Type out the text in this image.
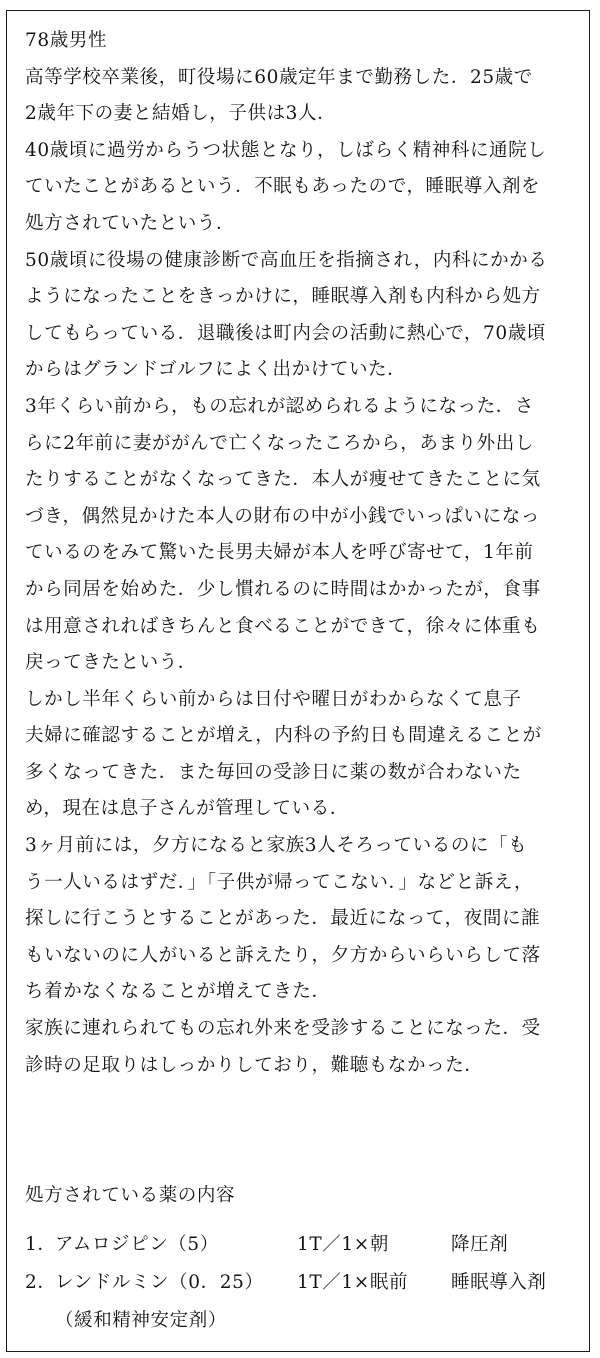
78歳男性
高等学校卒業後，町役場に60歳定年まで勤務した．25歳で
2歳年下の妻と結婚し，子供は3人．
40歳頃に過労からうつ状態となり，しばらく精神科に通院し
ていたことがあるという．不眠もあったので，睡眠導入剤を
処方されていたという．
50歳頃に役場の健康診断で高血圧を指摘され，内科にかかる
ようになったことをきっかけに，睡眠導入剤も内科から処方
してもらっている．退職後は町内会の活動に熱心で，70歳頃
からはグランドゴルフによく出かけていた．
3年くらい前から，もの忘れが認められるようになった．さ
らに2年前に妻ががんで亡くなったころから，あまり外出し
たりすることがなくなってきた．本人が痩せてきたことに気
づき，偶然見かけた本人の財布の中が小銭でいっぱいになっ
ているのをみて驚いた長男夫婦が本人を呼び寄せて，1年前
から同居を始めた．少し慣れるのに時間はかかったが，食事
は用意されればきちんと食べることができて，徐々に体重も
戻ってきたという．
しかし半年くらい前からは日付や曜日がわからなくて息子
夫婦に確認することが増え，内科の予約日も間違えることが
多くなってきた．また毎回の受診日に薬の数が合わないた
め，現在は息子さんが管理している．
3ヶ月前には，夕方になると家族3人そろっているのに「も
う一人いるはずだ．」「子供が帰ってこない．」などと訴え，
探しに行こうとすることがあった．最近になって，夜間に誰
もいないのに人がいると訴えたり，夕方からいらいらして落
ち着かなくなることが増えてきた．
家族に連れられてもの忘れ外来を受診することになった．受
診時の足取りはしっかりしており，難聴もなかった．
処方されている薬の内容
1．
アムロジピン（5）	1T／1×朝	降圧剤
2．
レンドルミン（0．25） 1T／1×眠前 睡眠導入剤
（緩和精神安定剤）
